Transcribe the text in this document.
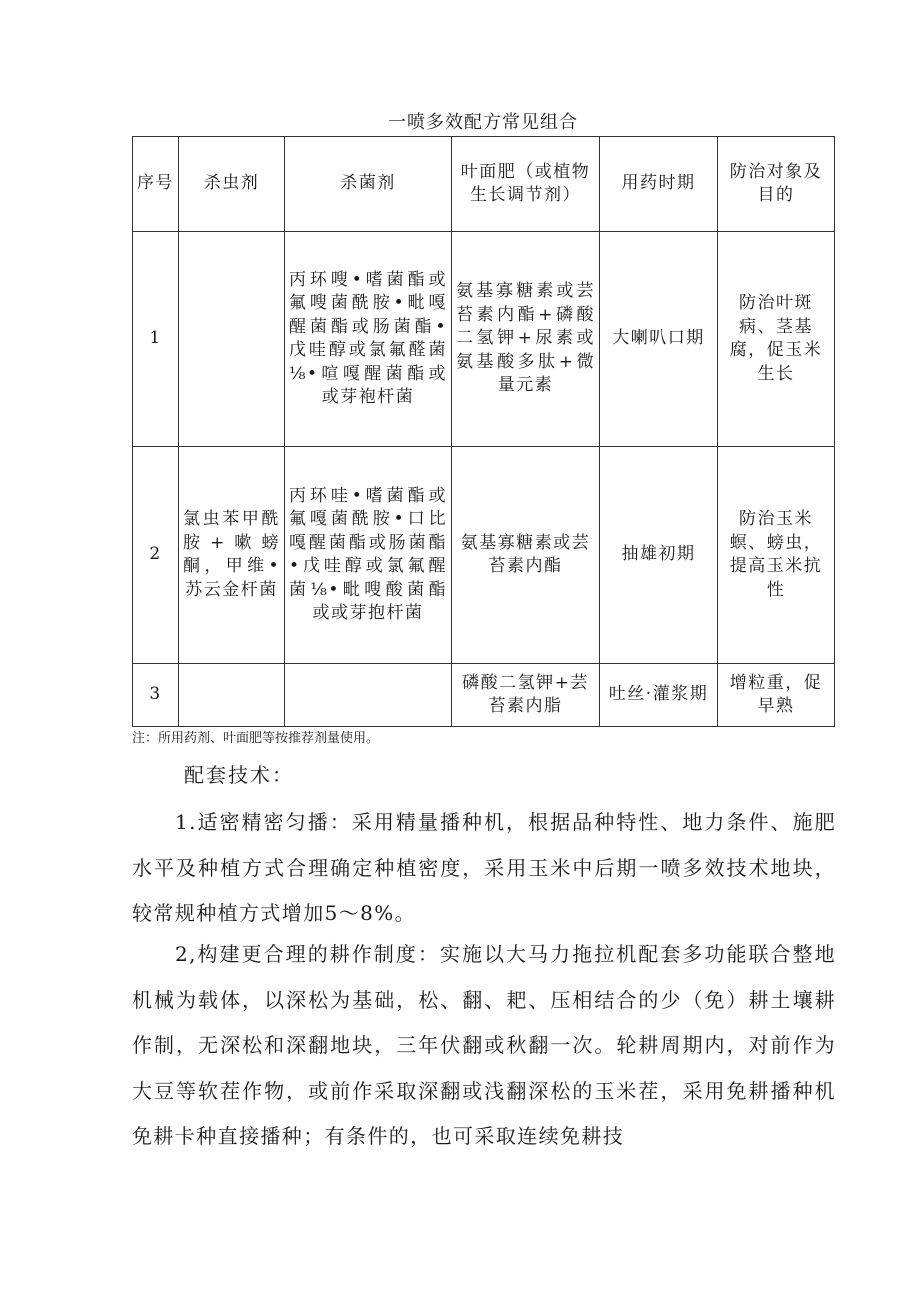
一喷多效配方常见组合
序号	杀虫剂	杀菌剂	叶面肥（或植物生长调节剂）	用药时期	防治对象及目的
1		丙环嗖•嗜菌酯或氟嗖菌酰胺•毗嘎醒菌酯或肠菌酯•戊哇醇或氯氟醛菌⅛•喧嘎醒菌酯或或芽袍杆菌	氨基寡糖素或芸苔素内酯+磷酸二氢钾+尿素或氨基酸多肽+微量元素	大喇叭口期	防治叶斑病、茎基腐，促玉米生长
2	氯虫苯甲酰胺+嗽螃酮，甲维•苏云金杆菌	丙环哇•嗜菌酯或氟嘎菌酰胺•口比嘎醒菌酯或肠菌酯•戊哇醇或氯氟醒菌⅛•毗嗖酸菌酯或或芽抱杆菌	氨基寡糖素或芸苔素内酯	抽雄初期	防治玉米螟、螃虫，提高玉米抗性
3			磷酸二氢钾+芸苔素内脂	吐丝·灌浆期	增粒重，促早熟
注：所用药剂、叶面肥等按推荐剂量使用。
配套技术：

1.适密精密匀播：采用精量播种机，根据品种特性、地力条件、施肥水平及种植方式合理确定种植密度，采用玉米中后期一喷多效技术地块，较常规种植方式增加5～8%。

2,构建更合理的耕作制度：实施以大马力拖拉机配套多功能联合整地机械为载体，以深松为基础，松、翻、耙、压相结合的少（免）耕土壤耕作制，无深松和深翻地块，三年伏翻或秋翻一次。轮耕周期内，对前作为大豆等软茬作物，或前作采取深翻或浅翻深松的玉米茬，采用免耕播种机免耕卡种直接播种；有条件的，也可采取连续免耕技
